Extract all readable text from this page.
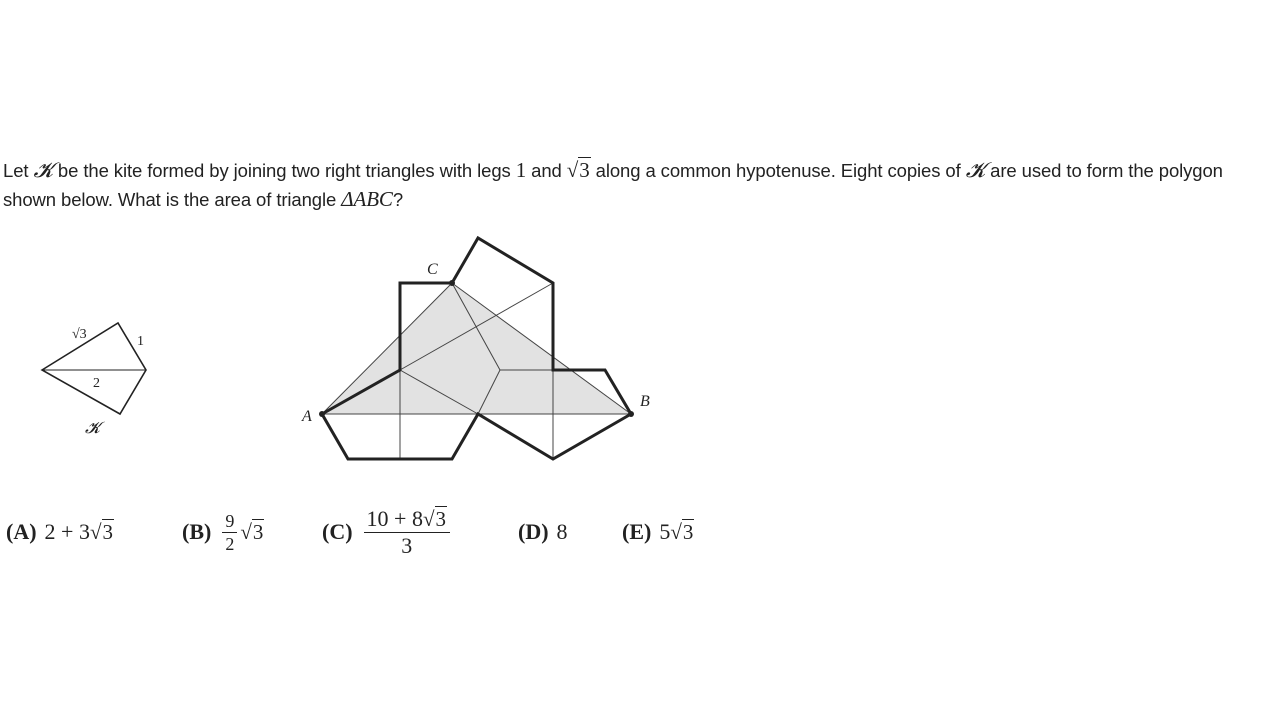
Let 𝓚 be the kite formed by joining two right triangles with legs 1 and √3 along a common hypotenuse. Eight copies of 𝓚 are used to form the polygon shown below. What is the area of triangle ΔABC?
√3	1
2
𝓚
A
B
C
(A) 2 + 3 √3	$(B) \frac{9}{2} √3$	$(C) \frac{10 + 8√3}{3}$	(D) 8 (E) 5 √3
